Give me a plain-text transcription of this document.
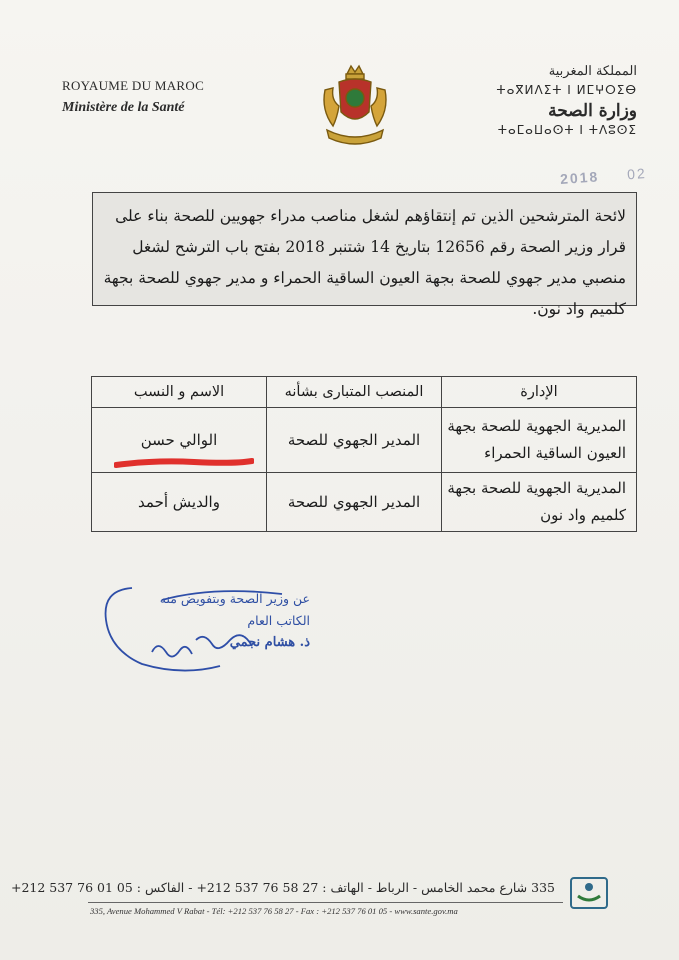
ROYAUME DU MAROC
Ministère de la Santé
المملكة المغربية
ⵜⴰⴳⵍⴷⵉⵜ ⵏ ⵍⵎⵖⵔⵉⴱ
وزارة الصحة
ⵜⴰⵎⴰⵡⴰⵙⵜ ⵏ ⵜⴷⵓⵙⵉ
2018 02
لائحة المترشحين الذين تم إنتقاؤهم لشغل مناصب مدراء جهويين للصحة بناء على قرار وزير الصحة رقم 12656 بتاريخ 14 شتنبر 2018 بفتح باب الترشح لشغل منصبي مدير جهوي للصحة بجهة العيون الساقية الحمراء و مدير جهوي للصحة بجهة كلميم واد نون.
الإدارة	المنصب المتبارى بشأنه	الاسم و النسب
المديرية الجهوية للصحة بجهة العيون الساقية الحمراء	المدير الجهوي للصحة	الوالي حسن
المديرية الجهوية للصحة بجهة كلميم واد نون	المدير الجهوي للصحة	والديش أحمد
عن وزير الصحة وبتفويض منه
الكاتب العام
ذ. هشام نجمي
335 شارع محمد الخامس - الرباط - الهاتف : 27 58 76 537 212+ - الفاكس : 05 01 76 537 212+
335, Avenue Mohammed V Rabat - Tél: +212 537 76 58 27 - Fax : +212 537 76 01 05 - www.sante.gov.ma
